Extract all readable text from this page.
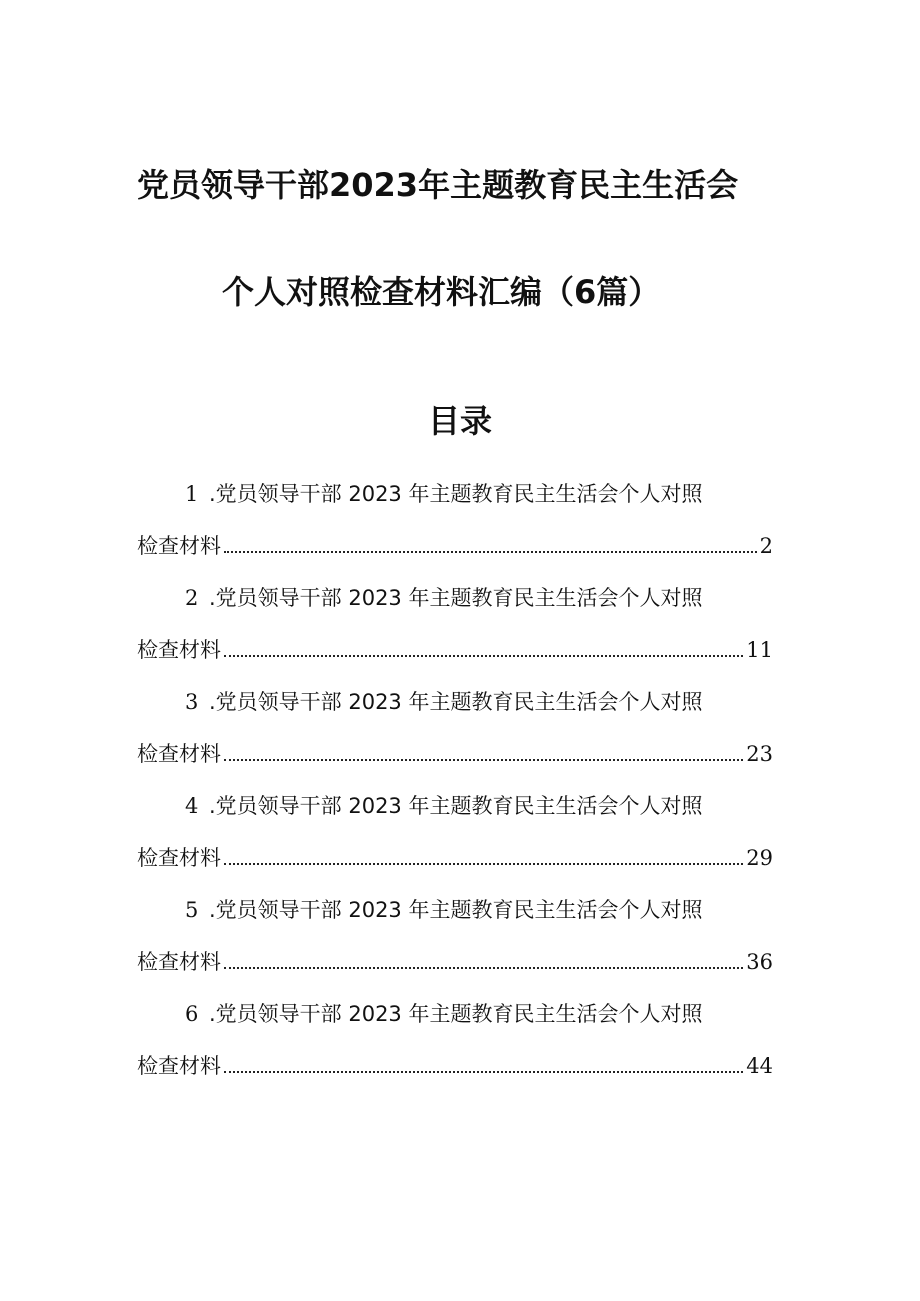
党员领导干部2023年主题教育民主生活会
个人对照检查材料汇编（6篇）
目录
1 .党员领导干部 2023 年主题教育民主生活会个人对照
检查材料	2
2 .党员领导干部 2023 年主题教育民主生活会个人对照
检查材料	11
3 .党员领导干部 2023 年主题教育民主生活会个人对照
检查材料	23
4 .党员领导干部 2023 年主题教育民主生活会个人对照
检查材料	29
5 .党员领导干部 2023 年主题教育民主生活会个人对照
检查材料	36
6 .党员领导干部 2023 年主题教育民主生活会个人对照
检查材料	44
